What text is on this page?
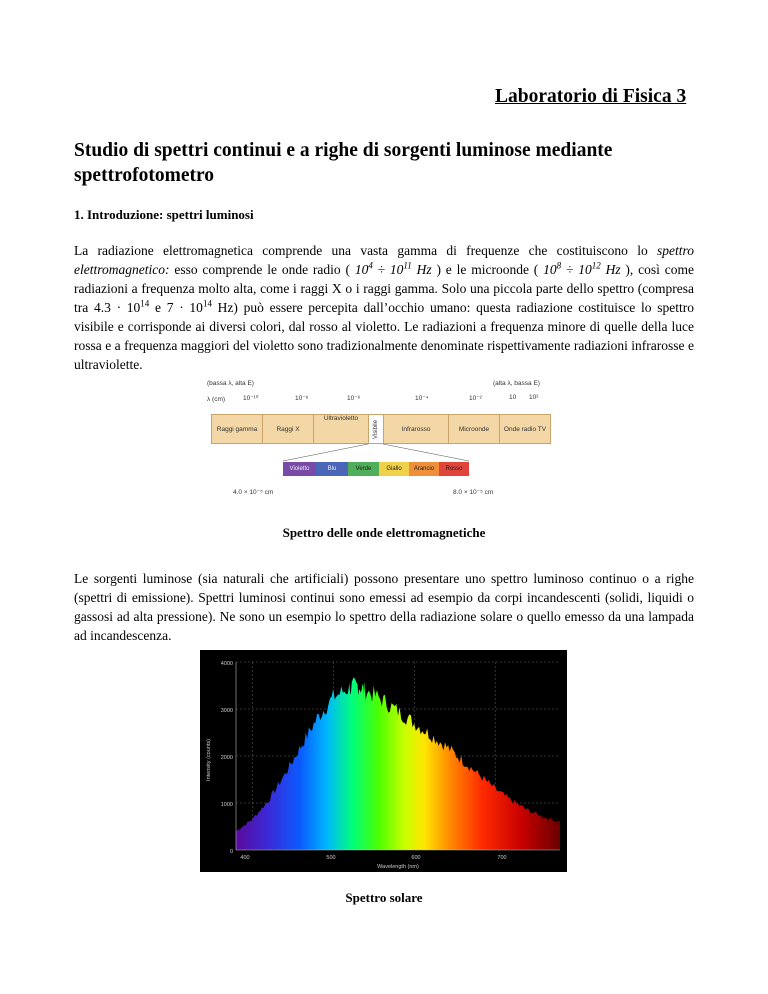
Laboratorio di Fisica 3
Studio di spettri continui e a righe di sorgenti luminose mediante spettrofotometro
1. Introduzione: spettri luminosi
La radiazione elettromagnetica comprende una vasta gamma di frequenze che costituiscono lo spettro elettromagnetico: esso comprende le onde radio ( $10^4 \div 10^{11}$ Hz ) e le microonde ( $10^8 \div 10^{12}$ Hz ), così come radiazioni a frequenza molto alta, come i raggi X o i raggi gamma. Solo una piccola parte dello spettro (compresa tra $4.3 \cdot 10^{14}$ e $7 \cdot 10^{14}$ Hz) può essere percepita dall’occhio umano: questa radiazione costituisce lo spettro visibile e corrisponde ai diversi colori, dal rosso al violetto. Le radiazioni a frequenza minore di quelle della luce rossa e a frequenza maggiori del violetto sono tradizionalmente denominate rispettivamente radiazioni infrarosse e ultraviolette.
(bassa λ, alta E)	(alta λ, bassa E)
λ (cm)	10⁻¹⁰	10⁻⁸	10⁻⁶	10⁻⁴	10⁻²	10 10²
Raggi gamma	Raggi X
Ultravioletto
Visibile	Infrarosso	Microonde	Onde radio TV
Violetto	Blu	Verde	Giallo	Arancio	Rosso
4.0 × 10⁻⁵ cm	8.0 × 10⁻⁵ cm
Spettro delle onde elettromagnetiche
Le sorgenti luminose (sia naturali che artificiali) possono presentare uno spettro luminoso continuo o a righe (spettri di emissione). Spettri luminosi continui sono emessi ad esempio da corpi incandescenti (solidi, liquidi o gassosi ad alta pressione). Ne sono un esempio lo spettro della radiazione solare o quello emesso da una lampada ad incandescenza.
Intensity (counts)
Wavelength (nm)
4000
3000
2000
1000
0
400	500	600	700
Spettro solare
